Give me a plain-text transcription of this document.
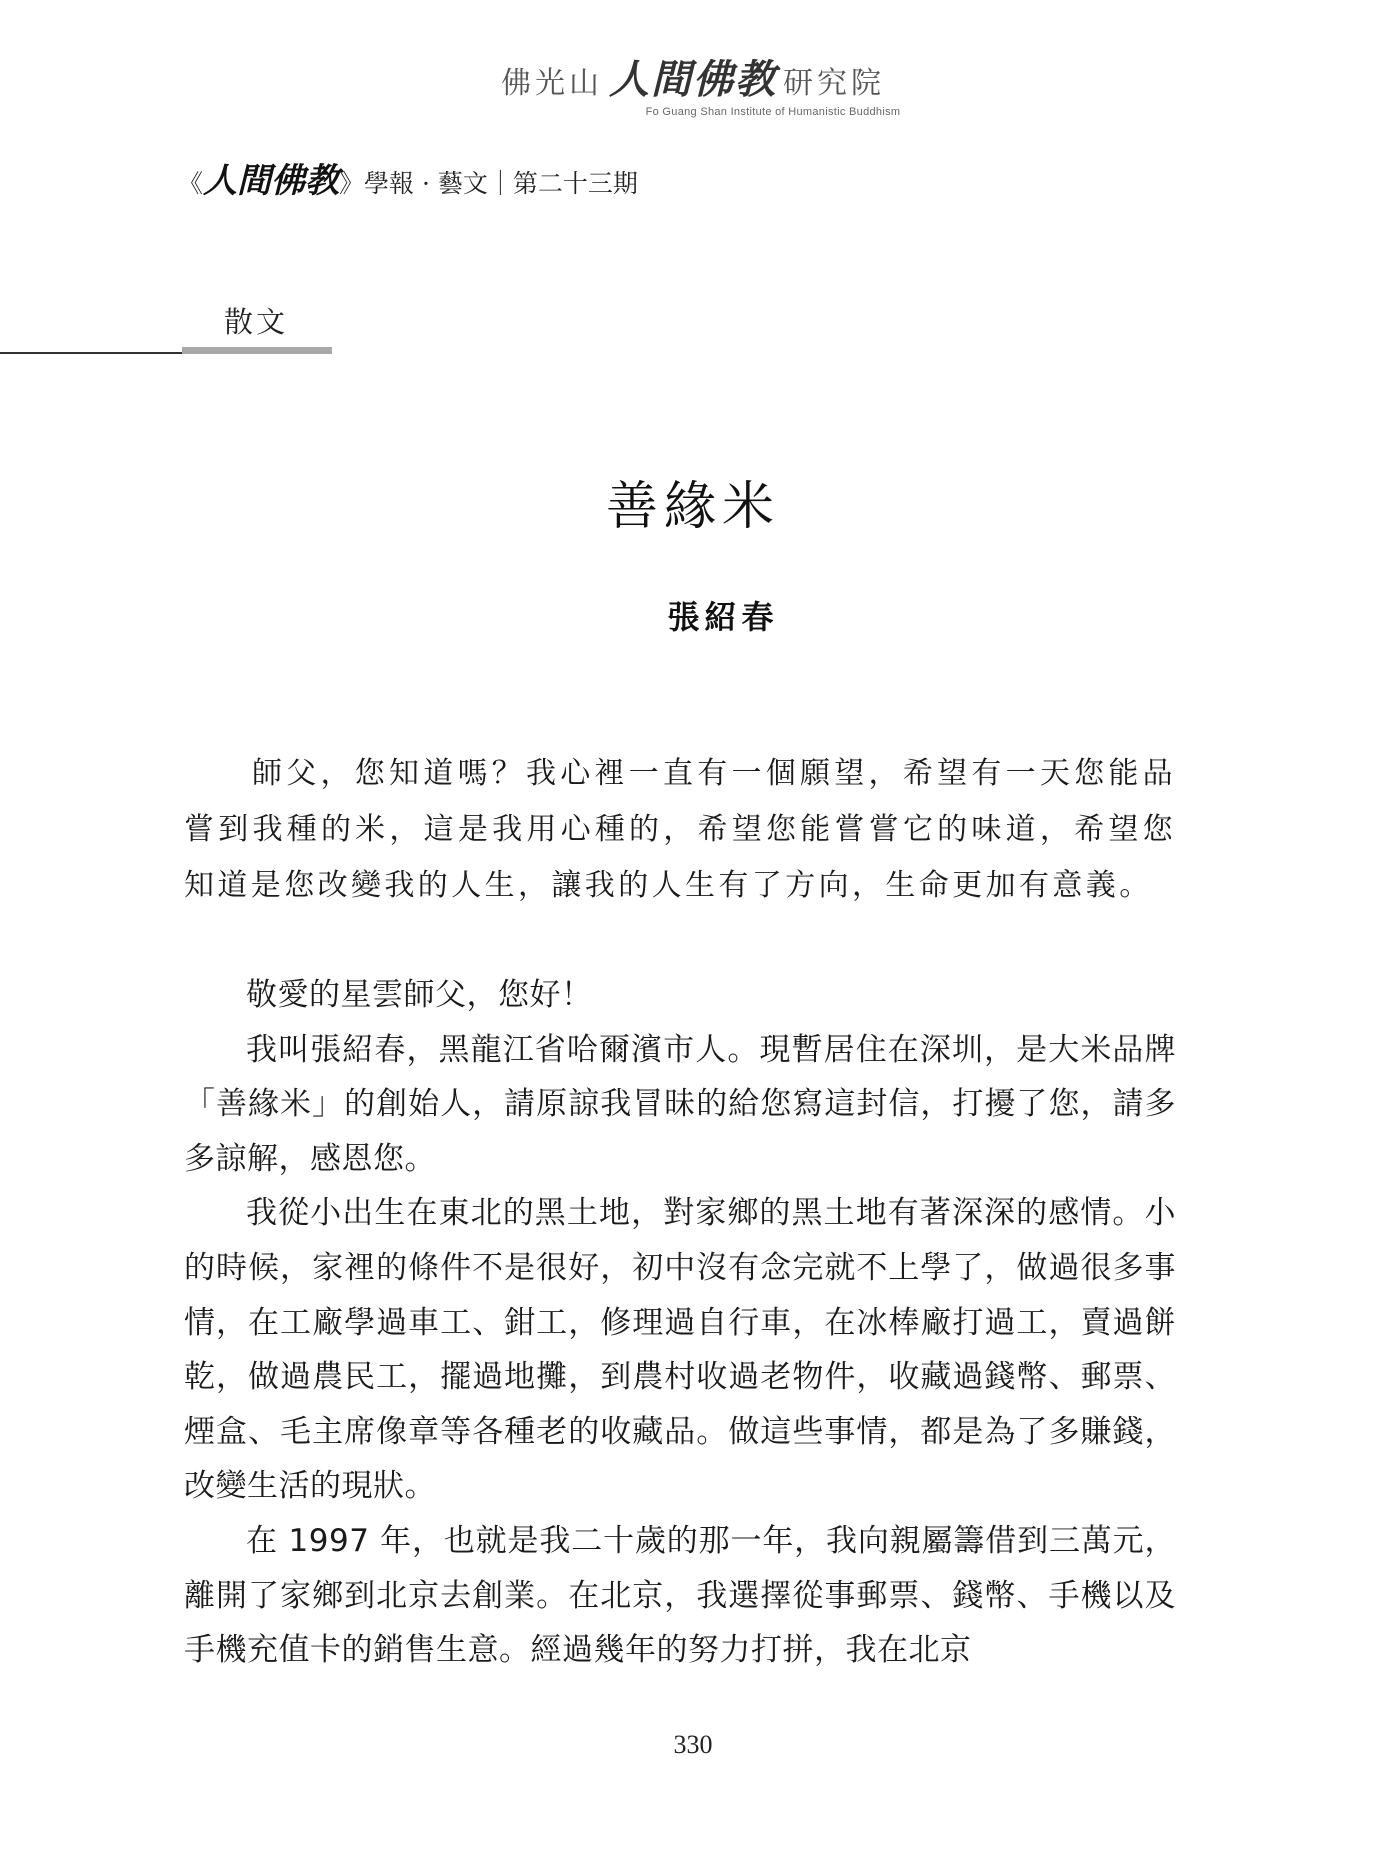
佛光山 人間佛教 研究院
Fo Guang Shan Institute of Humanistic Buddhism
《人間佛教》學報 · 藝文｜第二十三期
散文
善緣米
張紹春

師父，您知道嗎？我心裡一直有一個願望，希望有一天您能品嘗到我種的米，這是我用心種的，希望您能嘗嘗它的味道，希望您知道是您改變我的人生，讓我的人生有了方向，生命更加有意義。

敬愛的星雲師父，您好！

我叫張紹春，黑龍江省哈爾濱市人。現暫居住在深圳，是大米品牌「善緣米」的創始人，請原諒我冒昧的給您寫這封信，打擾了您，請多多諒解，感恩您。

我從小出生在東北的黑土地，對家鄉的黑土地有著深深的感情。小的時候，家裡的條件不是很好，初中沒有念完就不上學了，做過很多事情，在工廠學過車工、鉗工，修理過自行車，在冰棒廠打過工，賣過餅乾，做過農民工，擺過地攤，到農村收過老物件，收藏過錢幣、郵票、煙盒、毛主席像章等各種老的收藏品。做這些事情，都是為了多賺錢，改變生活的現狀。

在 1997 年，也就是我二十歲的那一年，我向親屬籌借到三萬元，離開了家鄉到北京去創業。在北京，我選擇從事郵票、錢幣、手機以及手機充值卡的銷售生意。經過幾年的努力打拼，我在北京

330
